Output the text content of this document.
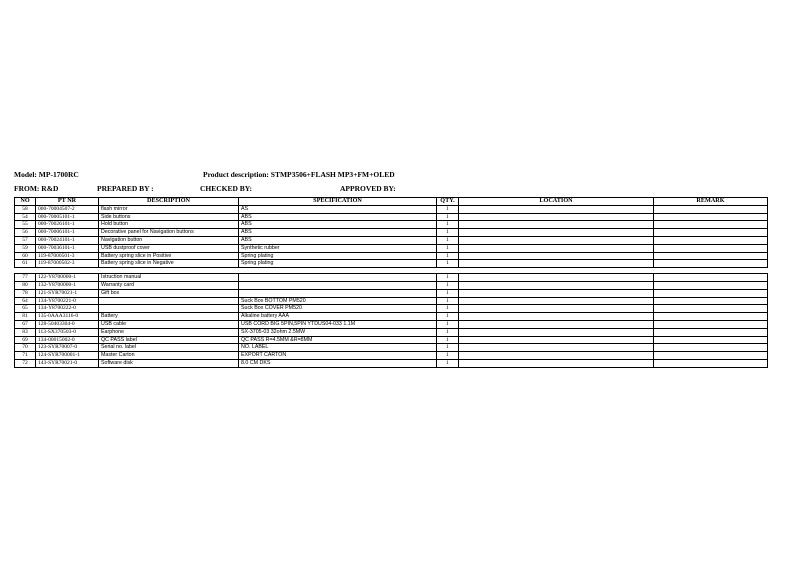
Model: MP-1700RC	Product description: STMP3506+FLASH MP3+FM+OLED
FROM: R&D	PREPARED BY :	CHECKED BY:	APPROVED BY:
NO	PT NR	DESCRIPTION	SPECIFICATION	QTY.	LOCATION	REMARK
58	000-70004507-2	flash mirror	AS	1		
54	000-70005101-1	Side buttons	ABS	1		
55	000-70026101-1	Hold button	ABS	1		
56	000-70006101-1	Decorative panel for Navigation buttons	ABS	1		
57	000-70024101-1	Navigation button	ABS	1		
59	000-70036101-1	USB dustproof cover	Synthetic rubber	1		
60	119-87000501-3	Battery spring slice in Positive	Spring plating	1		
61	119-87000502-3	Battery spring slice in Negative	Spring plating	1		

77	122-Y8700000-1	Istruction manual		1		
80	132-Y8700000-1	Warranty card		1		
78	121-SYR70021-1	Gift box		1		
64	134-Y8700221-0		Suck Box BOTTOM PM520	1		
65	134-Y8700222-0		Suck Box COVER PM520	1		
81	135-0AAA3116-0	Battery	Alkaline battery AAA	1		
67	128-50403304-0	USB cable	USB CORD BIG 5PIN,5PIN YTDUS04-033 1.1M	1		
83	113-SX370503-0	Earphone	SX-3705-03 32ohm 2.5MW	1		
69	134-00015002-0	QC PASS label	QC PASS R=4.5MM &R=8MM	1		
70	123-SYR70007-0	Serial no. label	NO. LABEL	1		
71	124-SYR700001-1	Master Carton	EXPORT CARTON	1		
72	143-SYR70021-0	Software disk	8.0 CM DKS	1		
